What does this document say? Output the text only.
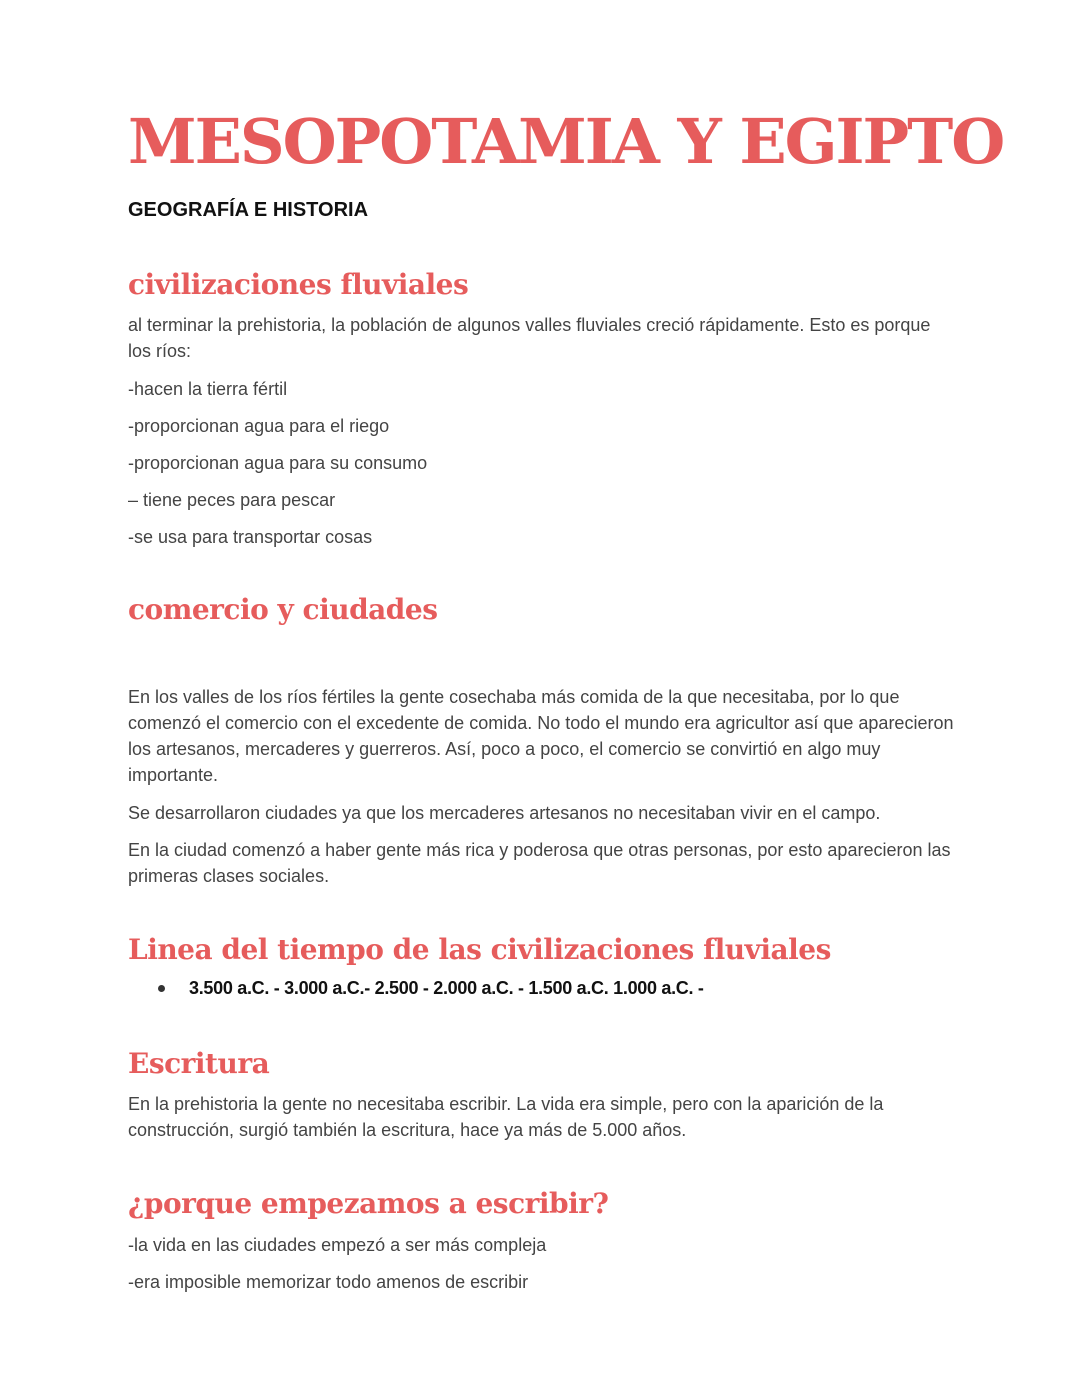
MESOPOTAMIA Y EGIPTO
GEOGRAFÍA E HISTORIA
civilizaciones fluviales

al terminar la prehistoria, la población de algunos valles fluviales creció rápidamente. Esto es porque los ríos:

-hacen la tierra fértil
-proporcionan agua para el riego
-proporcionan agua para su consumo
– tiene peces para pescar
-se usa para transportar cosas
comercio y ciudades

En los valles de los ríos fértiles la gente cosechaba más comida de la que necesitaba, por lo que comenzó el comercio con el excedente de comida. No todo el mundo era agricultor así que aparecieron los artesanos, mercaderes y guerreros. Así, poco a poco, el comercio se convirtió en algo muy importante.

Se desarrollaron ciudades ya que los mercaderes artesanos no necesitaban vivir en el campo.

En la ciudad comenzó a haber gente más rica y poderosa que otras personas, por esto aparecieron las primeras clases sociales.

Linea del tiempo de las civilizaciones fluviales
3.500 a.C. - 3.000 a.C.- 2.500 - 2.000 a.C. - 1.500 a.C. 1.000 a.C. -
Escritura

En la prehistoria la gente no necesitaba escribir. La vida era simple, pero con la aparición de la construcción, surgió también la escritura, hace ya más de 5.000 años.

¿porque empezamos a escribir?
-la vida en las ciudades empezó a ser más compleja
-era imposible memorizar todo amenos de escribir
